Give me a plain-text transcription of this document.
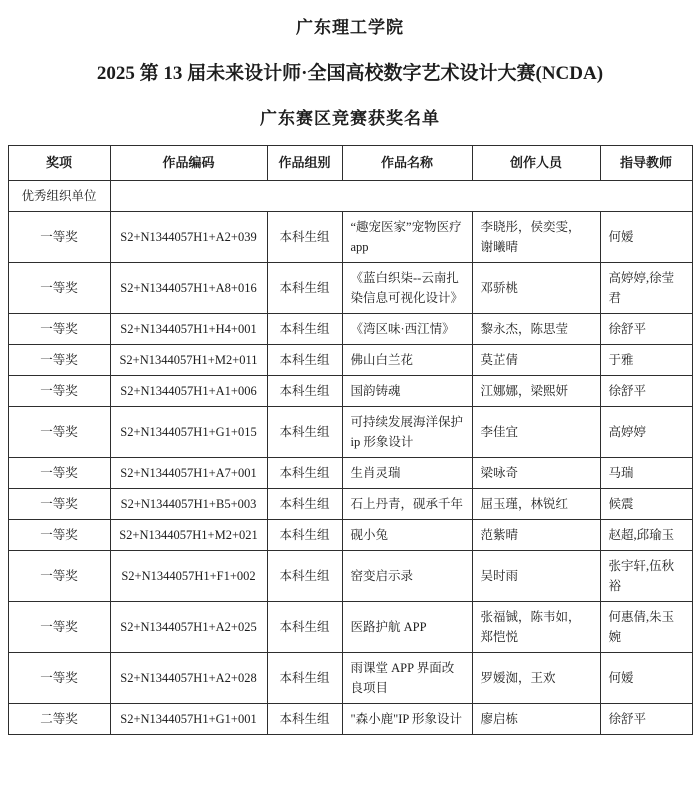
广东理工学院
2025 第 13 届未来设计师·全国高校数字艺术设计大赛(NCDA)
广东赛区竞赛获奖名单
奖项	作品编码	作品组别	作品名称	创作人员	指导教师
优秀组织单位					
一等奖	S2+N1344057H1+A2+039	本科生组	“趣宠医家”宠物医疗 app	李晓彤，侯奕雯，谢曦晴	何嫒
一等奖	S2+N1344057H1+A8+016	本科生组	《蓝白织柒--云南扎染信息可视化设计》	邓骄桃	高婷婷,徐莹君
一等奖	S2+N1344057H1+H4+001	本科生组	《湾区味·西江情》	黎永杰，陈思莹	徐舒平
一等奖	S2+N1344057H1+M2+011	本科生组	佛山白兰花	莫芷倩	于雅
一等奖	S2+N1344057H1+A1+006	本科生组	国韵铸魂	江娜娜，梁熙妍	徐舒平
一等奖	S2+N1344057H1+G1+015	本科生组	可持续发展海洋保护 ip 形象设计	李佳宜	高婷婷
一等奖	S2+N1344057H1+A7+001	本科生组	生肖灵瑞	梁咏奇	马瑞
一等奖	S2+N1344057H1+B5+003	本科生组	石上丹青，砚承千年	屈玉瑾，林锐红	候震
一等奖	S2+N1344057H1+M2+021	本科生组	砚小兔	范紫晴	赵超,邱瑜玉
一等奖	S2+N1344057H1+F1+002	本科生组	窑变启示录	吴时雨	张宇轩,伍秋裕
一等奖	S2+N1344057H1+A2+025	本科生组	医路护航 APP	张福铖，陈韦如，郑恺悦	何惠倩,朱玉婉
一等奖	S2+N1344057H1+A2+028	本科生组	雨课堂 APP 界面改良项目	罗嫒洳，王欢	何嫒
二等奖	S2+N1344057H1+G1+001	本科生组	"森小鹿"IP 形象设计	廖启栋	徐舒平
